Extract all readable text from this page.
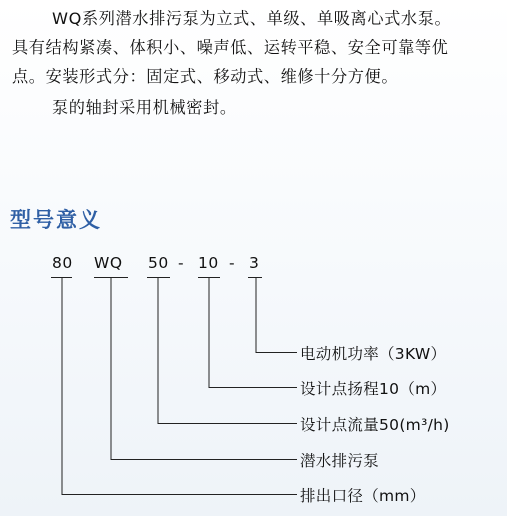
WQ系列潜水排污泵为立式、单级、单吸离心式水泵。

具有结构紧凑、体积小、噪声低、运转平稳、安全可靠等优

点。安装形式分：固定式、移动式、维修十分方便。

泵的轴封采用机械密封。

型号意义
80 WQ 50 - 10 - 3
电动机功率（3KW）
设计点扬程10（m）
设计点流量50(m³/h)
潜水排污泵
排出口径（mm）
